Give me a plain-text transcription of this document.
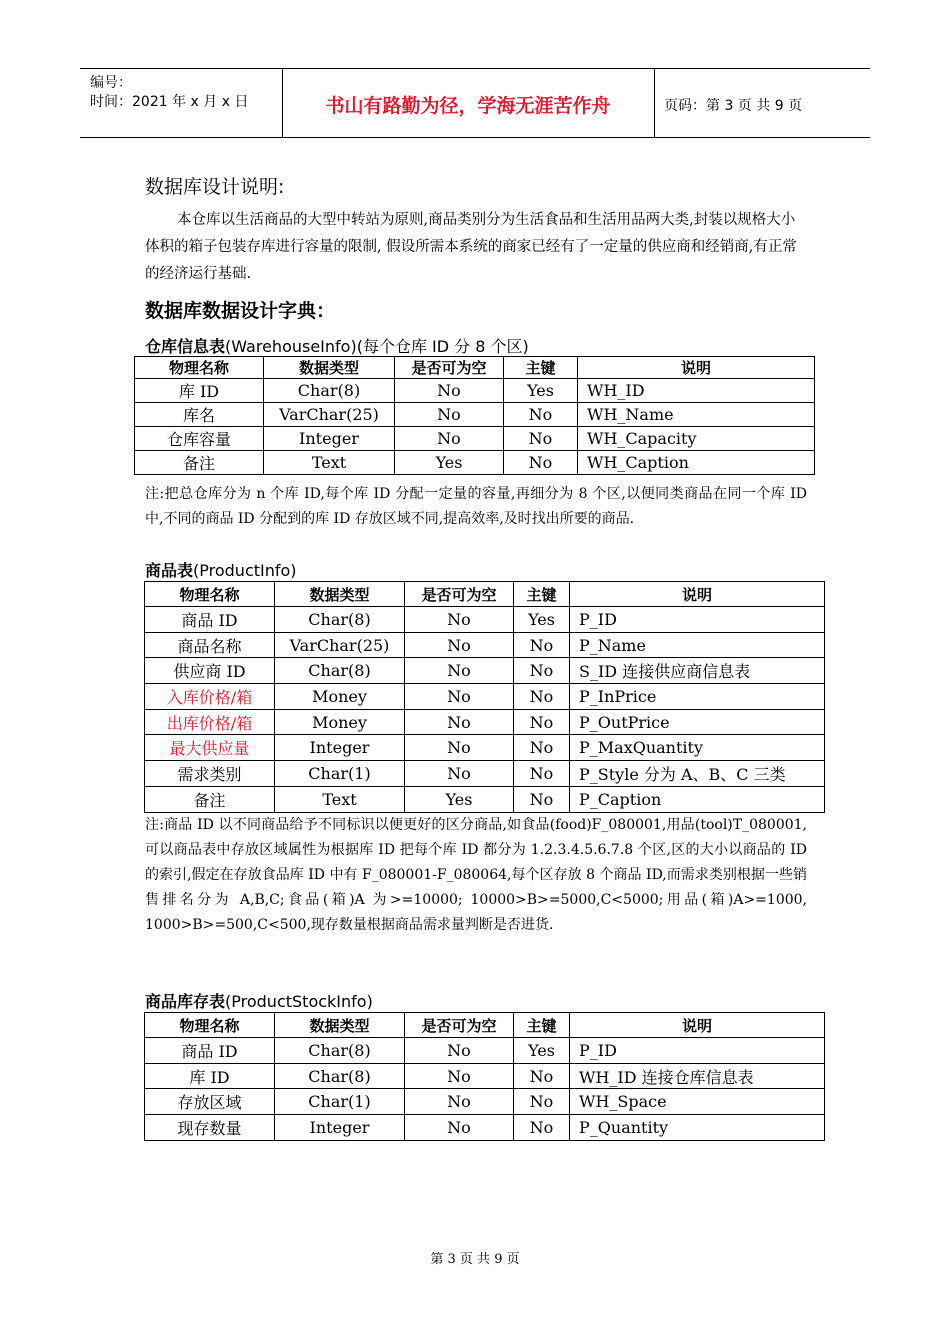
编号：
时间：2021 年 x 月 x 日	书山有路勤为径，学海无涯苦作舟	页码：第 3 页 共 9 页
数据库设计说明:
本仓库以生活商品的大型中转站为原则,商品类别分为生活食品和生活用品两大类,封装以规格大小体积的箱子包装存库进行容量的限制, 假设所需本系统的商家已经有了一定量的供应商和经销商,有正常的经济运行基础.
数据库数据设计字典：
仓库信息表(WarehouseInfo)(每个仓库 ID 分 8 个区)
物理名称	数据类型	是否可为空	主键	说明
库 ID	Char(8)	No	Yes	WH_ID
库名	VarChar(25)	No	No	WH_Name
仓库容量	Integer	No	No	WH_Capacity
备注	Text	Yes	No	WH_Caption
注:把总仓库分为 n 个库 ID,每个库 ID 分配一定量的容量,再细分为 8 个区,以便同类商品在同一个库 ID 中,不同的商品 ID 分配到的库 ID 存放区域不同,提高效率,及时找出所要的商品.
商品表(ProductInfo)
物理名称	数据类型	是否可为空	主键	说明
商品 ID	Char(8)	No	Yes	P_ID
商品名称	VarChar(25)	No	No	P_Name
供应商 ID	Char(8)	No	No	S_ID 连接供应商信息表
入库价格/箱	Money	No	No	P_InPrice
出库价格/箱	Money	No	No	P_OutPrice
最大供应量	Integer	No	No	P_MaxQuantity
需求类别	Char(1)	No	No	P_Style 分为 A、B、C 三类
备注	Text	Yes	No	P_Caption
注:商品 ID 以不同商品给予不同标识以便更好的区分商品,如食品(food)F_080001,用品(tool)T_080001,可以商品表中存放区域属性为根据库 ID 把每个库 ID 都分为 1.2.3.4.5.6.7.8 个区,区的大小以商品的 ID 的索引,假定在存放食品库 ID 中有 F_080001-F_080064,每个区存放 8 个商品 ID,而需求类别根据一些销售排名分为 A,B,C;食品(箱)A 为>=10000; 10000>B>=5000,C<5000;用品(箱)A>=1000, 1000>B>=500,C<500,现存数量根据商品需求量判断是否进货.
商品库存表(ProductStockInfo)
物理名称	数据类型	是否可为空	主键	说明
商品 ID	Char(8)	No	Yes	P_ID
库 ID	Char(8)	No	No	WH_ID 连接仓库信息表
存放区域	Char(1)	No	No	WH_Space
现存数量	Integer	No	No	P_Quantity
第 3 页 共 9 页
